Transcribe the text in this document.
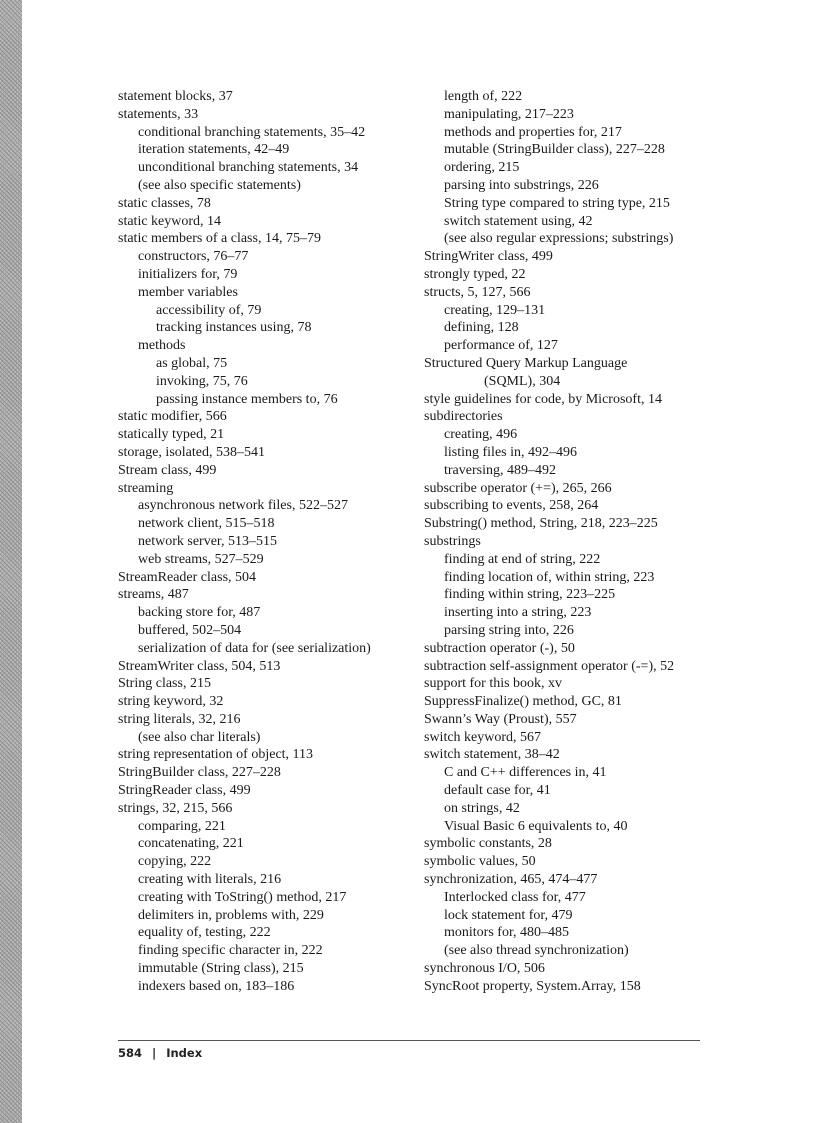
statement blocks, 37
statements, 33
conditional branching statements, 35–42
iteration statements, 42–49
unconditional branching statements, 34
(see also specific statements)
static classes, 78
static keyword, 14
static members of a class, 14, 75–79
constructors, 76–77
initializers for, 79
member variables
accessibility of, 79
tracking instances using, 78
methods
as global, 75
invoking, 75, 76
passing instance members to, 76
static modifier, 566
statically typed, 21
storage, isolated, 538–541
Stream class, 499
streaming
asynchronous network files, 522–527
network client, 515–518
network server, 513–515
web streams, 527–529
StreamReader class, 504
streams, 487
backing store for, 487
buffered, 502–504
serialization of data for (see serialization)
StreamWriter class, 504, 513
String class, 215
string keyword, 32
string literals, 32, 216
(see also char literals)
string representation of object, 113
StringBuilder class, 227–228
StringReader class, 499
strings, 32, 215, 566
comparing, 221
concatenating, 221
copying, 222
creating with literals, 216
creating with ToString() method, 217
delimiters in, problems with, 229
equality of, testing, 222
finding specific character in, 222
immutable (String class), 215
indexers based on, 183–186
length of, 222
manipulating, 217–223
methods and properties for, 217
mutable (StringBuilder class), 227–228
ordering, 215
parsing into substrings, 226
String type compared to string type, 215
switch statement using, 42
(see also regular expressions; substrings)
StringWriter class, 499
strongly typed, 22
structs, 5, 127, 566
creating, 129–131
defining, 128
performance of, 127
Structured Query Markup Language
(SQML), 304
style guidelines for code, by Microsoft, 14
subdirectories
creating, 496
listing files in, 492–496
traversing, 489–492
subscribe operator (+=), 265, 266
subscribing to events, 258, 264
Substring() method, String, 218, 223–225
substrings
finding at end of string, 222
finding location of, within string, 223
finding within string, 223–225
inserting into a string, 223
parsing string into, 226
subtraction operator (-), 50
subtraction self-assignment operator (-=), 52
support for this book, xv
SuppressFinalize() method, GC, 81
Swann’s Way (Proust), 557
switch keyword, 567
switch statement, 38–42
C and C++ differences in, 41
default case for, 41
on strings, 42
Visual Basic 6 equivalents to, 40
symbolic constants, 28
symbolic values, 50
synchronization, 465, 474–477
Interlocked class for, 477
lock statement for, 479
monitors for, 480–485
(see also thread synchronization)
synchronous I/O, 506
SyncRoot property, System.Array, 158
584 | Index
